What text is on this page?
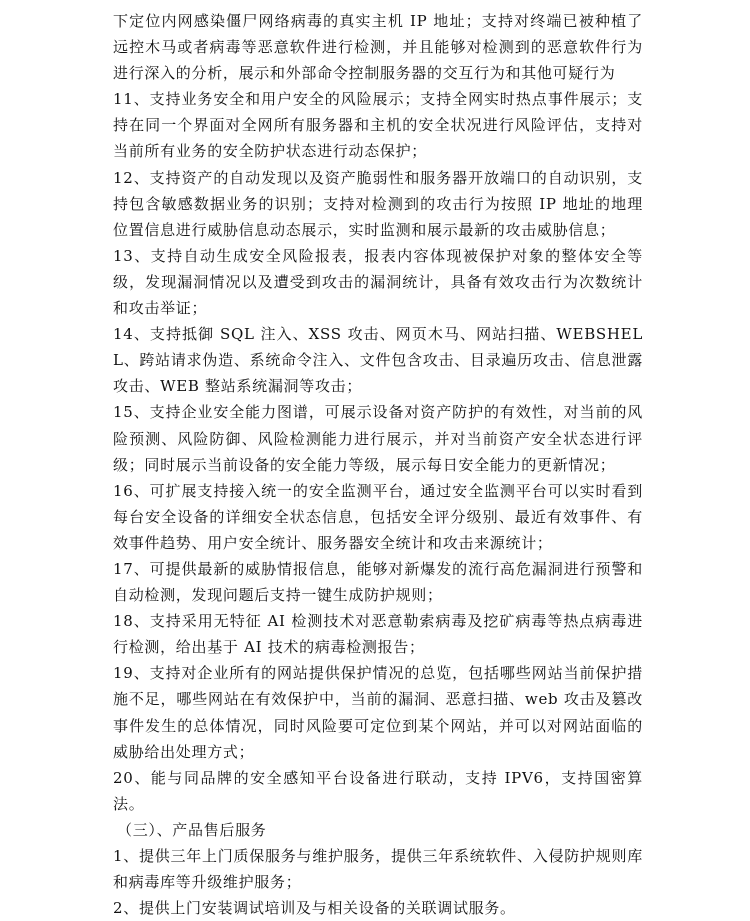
下定位内网感染僵尸网络病毒的真实主机 IP 地址；支持对终端已被种植了远控木马或者病毒等恶意软件进行检测，并且能够对检测到的恶意软件行为进行深入的分析，展示和外部命令控制服务器的交互行为和其他可疑行为

11、支持业务安全和用户安全的风险展示；支持全网实时热点事件展示；支持在同一个界面对全网所有服务器和主机的安全状况进行风险评估，支持对当前所有业务的安全防护状态进行动态保护；

12、支持资产的自动发现以及资产脆弱性和服务器开放端口的自动识别，支持包含敏感数据业务的识别；支持对检测到的攻击行为按照 IP 地址的地理位置信息进行威胁信息动态展示，实时监测和展示最新的攻击威胁信息；

13、支持自动生成安全风险报表，报表内容体现被保护对象的整体安全等级，发现漏洞情况以及遭受到攻击的漏洞统计，具备有效攻击行为次数统计和攻击举证；

14、支持抵御 SQL 注入、XSS 攻击、网页木马、网站扫描、WEBSHELL、跨站请求伪造、系统命令注入、文件包含攻击、目录遍历攻击、信息泄露攻击、WEB 整站系统漏洞等攻击；

15、支持企业安全能力图谱，可展示设备对资产防护的有效性，对当前的风险预测、风险防御、风险检测能力进行展示，并对当前资产安全状态进行评级；同时展示当前设备的安全能力等级，展示每日安全能力的更新情况；

16、可扩展支持接入统一的安全监测平台，通过安全监测平台可以实时看到每台安全设备的详细安全状态信息，包括安全评分级别、最近有效事件、有效事件趋势、用户安全统计、服务器安全统计和攻击来源统计；

17、可提供最新的威胁情报信息，能够对新爆发的流行高危漏洞进行预警和自动检测，发现问题后支持一键生成防护规则；

18、支持采用无特征 AI 检测技术对恶意勒索病毒及挖矿病毒等热点病毒进行检测，给出基于 AI 技术的病毒检测报告；

19、支持对企业所有的网站提供保护情况的总览，包括哪些网站当前保护措施不足，哪些网站在有效保护中，当前的漏洞、恶意扫描、web 攻击及篡改事件发生的总体情况，同时风险要可定位到某个网站，并可以对网站面临的威胁给出处理方式；

20、能与同品牌的安全感知平台设备进行联动，支持 IPV6，支持国密算法。

（三）、产品售后服务

1、提供三年上门质保服务与维护服务，提供三年系统软件、入侵防护规则库和病毒库等升级维护服务；

2、提供上门安装调试培训及与相关设备的关联调试服务。
